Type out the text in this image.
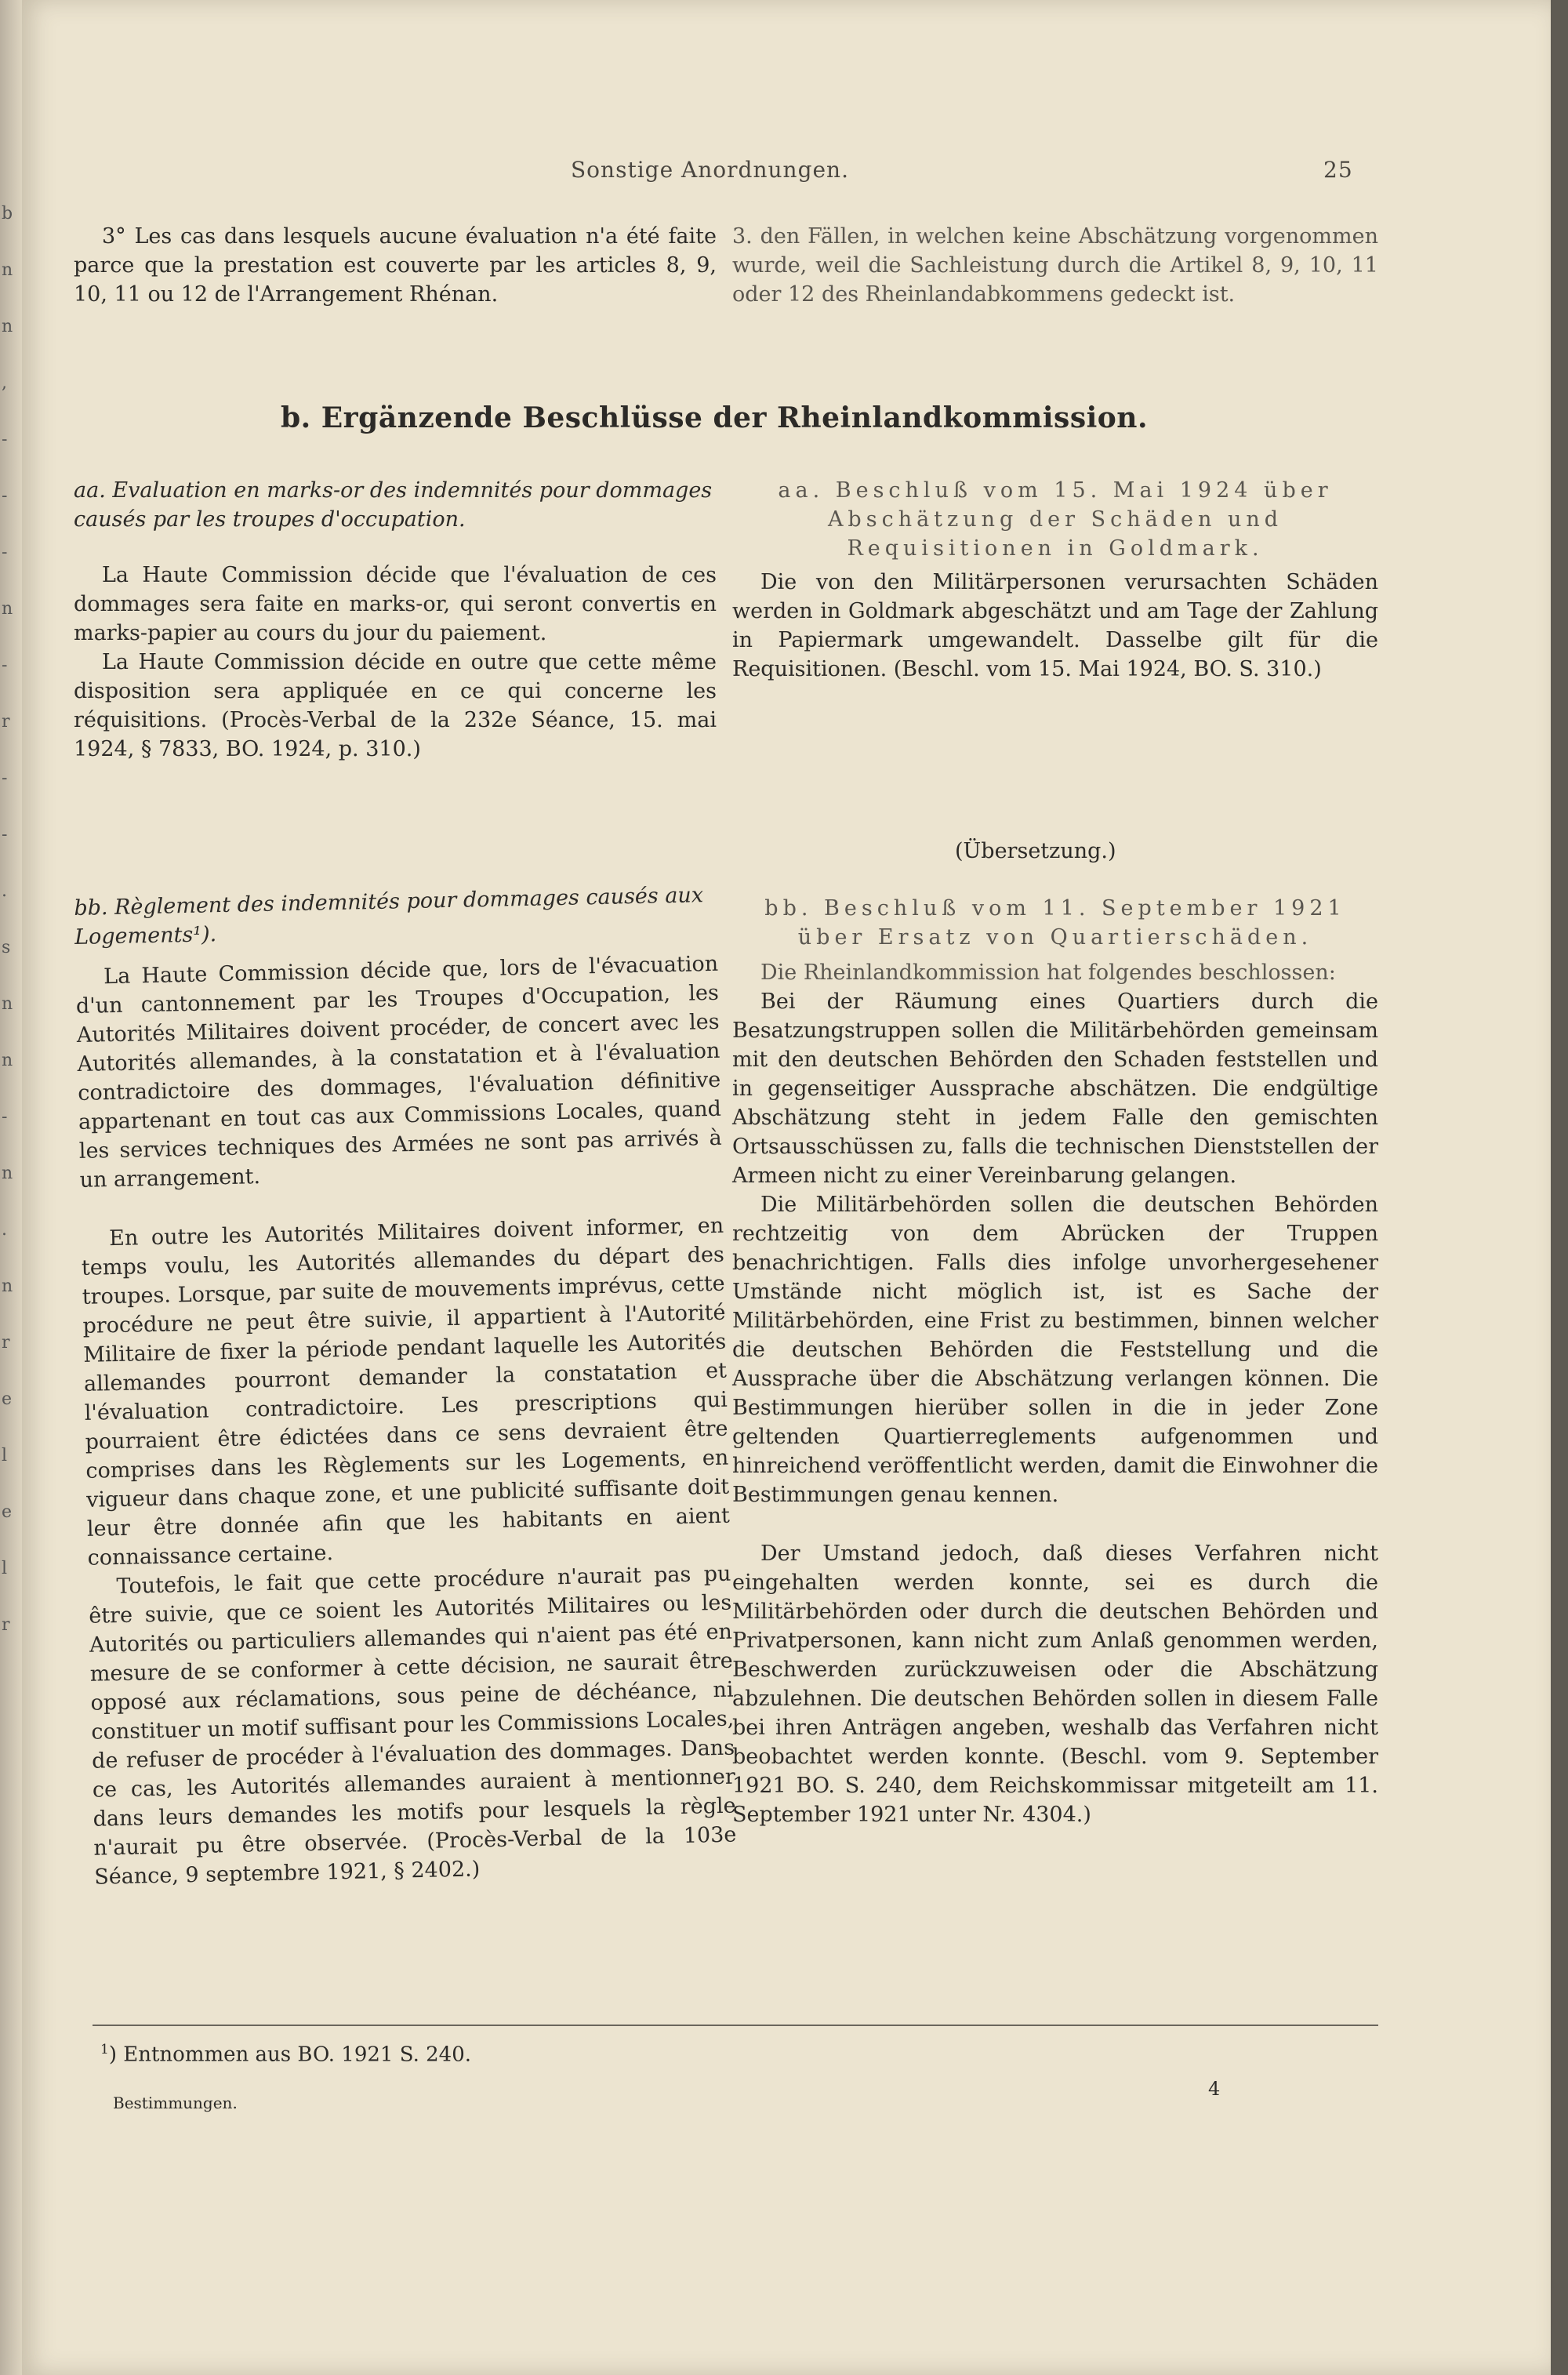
b
n
n
,
-
-
-
n
-
r
-
-
.
s
n
n
-
n
.
n
r
e
l
e
l
r
Sonstige Anordnungen.	25

3° Les cas dans lesquels aucune évaluation n'a été faite parce que la prestation est couverte par les articles 8, 9, 10, 11 ou 12 de l'Arrangement Rhénan.

3. den Fällen, in welchen keine Abschätzung vorgenommen wurde, weil die Sachleistung durch die Artikel 8, 9, 10, 11 oder 12 des Rheinlandabkommens gedeckt ist.

b. Ergänzende Beschlüsse der Rheinlandkommission.

aa. Evaluation en marks-or des indemnités pour dommages causés par les troupes d'occupation.

La Haute Commission décide que l'évaluation de ces dommages sera faite en marks-or, qui seront convertis en marks-papier au cours du jour du paiement.

La Haute Commission décide en outre que cette même disposition sera appliquée en ce qui concerne les réquisitions. (Procès-Verbal de la 232e Séance, 15. mai 1924, § 7833, BO. 1924, p. 310.)

aa. Beschluß vom 15. Mai 1924 über Abschätzung der Schäden und Requisitionen in Goldmark.

Die von den Militärpersonen verursachten Schäden werden in Goldmark abgeschätzt und am Tage der Zahlung in Papiermark umgewandelt. Dasselbe gilt für die Requisitionen. (Beschl. vom 15. Mai 1924, BO. S. 310.)

(Übersetzung.)

bb. Règlement des indemnités pour dommages causés aux Logements¹).

La Haute Commission décide que, lors de l'évacuation d'un cantonnement par les Troupes d'Occupation, les Autorités Militaires doivent procéder, de concert avec les Autorités allemandes, à la constatation et à l'évaluation contradictoire des dommages, l'évaluation définitive appartenant en tout cas aux Commissions Locales, quand les services techniques des Armées ne sont pas arrivés à un arrangement.

En outre les Autorités Militaires doivent informer, en temps voulu, les Autorités allemandes du départ des troupes. Lorsque, par suite de mouvements imprévus, cette procédure ne peut être suivie, il appartient à l'Autorité Militaire de fixer la période pendant laquelle les Autorités allemandes pourront demander la constatation et l'évaluation contradictoire. Les prescriptions qui pourraient être édictées dans ce sens devraient être comprises dans les Règlements sur les Logements, en vigueur dans chaque zone, et une publicité suffisante doit leur être donnée afin que les habitants en aient connaissance certaine.

Toutefois, le fait que cette procédure n'aurait pas pu être suivie, que ce soient les Autorités Militaires ou les Autorités ou particuliers allemandes qui n'aient pas été en mesure de se conformer à cette décision, ne saurait être opposé aux réclamations, sous peine de déchéance, ni constituer un motif suffisant pour les Commissions Locales, de refuser de procéder à l'évaluation des dommages. Dans ce cas, les Autorités allemandes auraient à mentionner dans leurs demandes les motifs pour lesquels la règle n'aurait pu être observée. (Procès-Verbal de la 103e Séance, 9 septembre 1921, § 2402.)

bb. Beschluß vom 11. September 1921 über Ersatz von Quartierschäden.

Die Rheinlandkommission hat folgendes beschlossen:

Bei der Räumung eines Quartiers durch die Besatzungstruppen sollen die Militärbehörden gemeinsam mit den deutschen Behörden den Schaden feststellen und in gegenseitiger Aussprache abschätzen. Die endgültige Abschätzung steht in jedem Falle den gemischten Ortsausschüssen zu, falls die technischen Dienststellen der Armeen nicht zu einer Vereinbarung gelangen.

Die Militärbehörden sollen die deutschen Behörden rechtzeitig von dem Abrücken der Truppen benachrichtigen. Falls dies infolge unvorhergesehener Umstände nicht möglich ist, ist es Sache der Militärbehörden, eine Frist zu bestimmen, binnen welcher die deutschen Behörden die Feststellung und die Aussprache über die Abschätzung verlangen können. Die Bestimmungen hierüber sollen in die in jeder Zone geltenden Quartierreglements aufgenommen und hinreichend veröffentlicht werden, damit die Einwohner die Bestimmungen genau kennen.

Der Umstand jedoch, daß dieses Verfahren nicht eingehalten werden konnte, sei es durch die Militärbehörden oder durch die deutschen Behörden und Privatpersonen, kann nicht zum Anlaß genommen werden, Beschwerden zurückzuweisen oder die Abschätzung abzulehnen. Die deutschen Behörden sollen in diesem Falle bei ihren Anträgen angeben, weshalb das Verfahren nicht beobachtet werden konnte. (Beschl. vom 9. September 1921 BO. S. 240, dem Reichskommissar mitgeteilt am 11. September 1921 unter Nr. 4304.)

$^1$) Entnommen aus BO. 1921 S. 240.
Bestimmungen.
4
